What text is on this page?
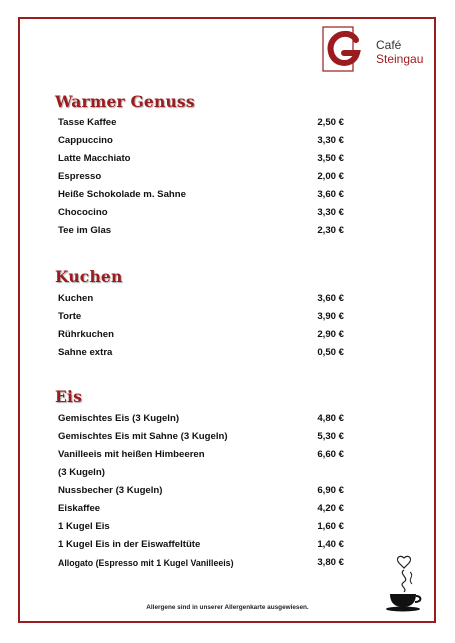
Café
Steingau
Warmer Genuss
Tasse Kaffee	2,50 €
Cappuccino	3,30 €
Latte Macchiato	3,50 €
Espresso	2,00 €
Heiße Schokolade m. Sahne	3,60 €
Chococino	3,30 €
Tee im Glas	2,30 €
Kuchen
Kuchen	3,60 €
Torte	3,90 €
Rührkuchen	2,90 €
Sahne extra	0,50 €
Eis
Gemischtes Eis (3 Kugeln)	4,80 €
Gemischtes Eis mit Sahne (3 Kugeln)	5,30 €
Vanilleeis mit heißen Himbeeren	6,60 €
(3 Kugeln)
Nussbecher (3 Kugeln)	6,90 €
Eiskaffee	4,20 €
1 Kugel Eis	1,60 €
1 Kugel Eis in der Eiswaffeltüte	1,40 €
Allogato (Espresso mit 1 Kugel Vanilleeis)	3,80 €
Allergene sind in unserer Allergenkarte ausgewiesen.
